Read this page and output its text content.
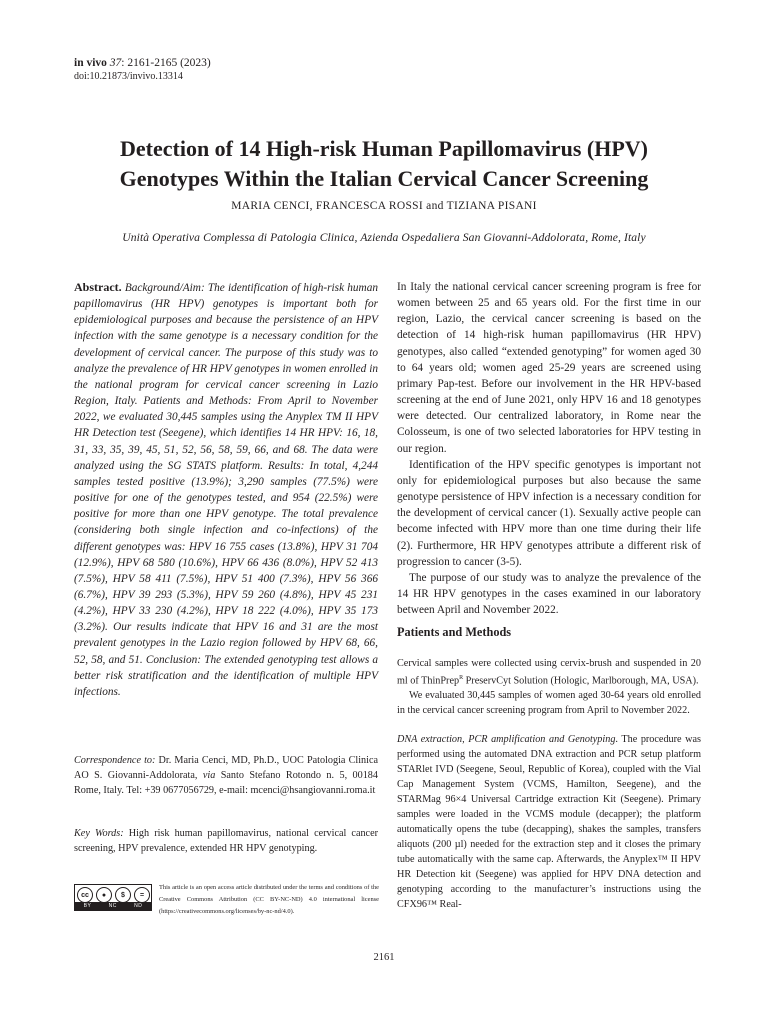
in vivo 37: 2161-2165 (2023)
doi:10.21873/invivo.13314
Detection of 14 High-risk Human Papillomavirus (HPV)
Genotypes Within the Italian Cervical Cancer Screening
MARIA CENCI, FRANCESCA ROSSI and TIZIANA PISANI
Unità Operativa Complessa di Patologia Clinica, Azienda Ospedaliera San Giovanni-Addolorata, Rome, Italy

Abstract. Background/Aim: The identification of high-risk human papillomavirus (HR HPV) genotypes is important both for epidemiological purposes and because the persistence of an HPV infection with the same genotype is a necessary condition for the development of cervical cancer. The purpose of this study was to analyze the prevalence of HR HPV genotypes in women enrolled in the national program for cervical cancer screening in Lazio Region, Italy. Patients and Methods: From April to November 2022, we evaluated 30,445 samples using the Anyplex TM II HPV HR Detection test (Seegene), which identifies 14 HR HPV: 16, 18, 31, 33, 35, 39, 45, 51, 52, 56, 58, 59, 66, and 68. The data were analyzed using the SG STATS platform. Results: In total, 4,244 samples tested positive (13.9%); 3,290 samples (77.5%) were positive for one of the genotypes tested, and 954 (22.5%) were positive for more than one HPV genotype. The total prevalence (considering both single infection and co-infections) of the different genotypes was: HPV 16 755 cases (13.8%), HPV 31 704 (12.9%), HPV 68 580 (10.6%), HPV 66 436 (8.0%), HPV 52 413 (7.5%), HPV 58 411 (7.5%), HPV 51 400 (7.3%), HPV 56 366 (6.7%), HPV 39 293 (5.3%), HPV 59 260 (4.8%), HPV 45 231 (4.2%), HPV 33 230 (4.2%), HPV 18 222 (4.0%), HPV 35 173 (3.2%). Our results indicate that HPV 16 and 31 are the most prevalent genotypes in the Lazio region followed by HPV 68, 66, 52, 58, and 51. Conclusion: The extended genotyping test allows a better risk stratification and the identification of multiple HPV infections.

Correspondence to: Dr. Maria Cenci, MD, Ph.D., UOC Patologia Clinica AO S. Giovanni-Addolorata, via Santo Stefano Rotondo n. 5, 00184 Rome, Italy. Tel: +39 0677056729, e-mail: mcenci@hsangiovanni.roma.it

Key Words: High risk human papillomavirus, national cervical cancer screening, HPV prevalence, extended HR HPV genotyping.

cc	●	$	=
BY	NC	ND

This article is an open access article distributed under the terms and conditions of the Creative Commons Attribution (CC BY-NC-ND) 4.0 international license (https://creativecommons.org/licenses/by-nc-nd/4.0).

In Italy the national cervical cancer screening program is free for women between 25 and 65 years old. For the first time in our region, Lazio, the cervical cancer screening is based on the detection of 14 high-risk human papillomavirus (HR HPV) genotypes, also called “extended genotyping” for women aged 30 to 64 years old; women aged 25-29 years are screened using primary Pap-test. Before our involvement in the HR HPV-based screening at the end of June 2021, only HPV 16 and 18 genotypes were detected. Our centralized laboratory, in Rome near the Colosseum, is one of two selected laboratories for HPV testing in our region.

Identification of the HPV specific genotypes is important not only for epidemiological purposes but also because the same genotype persistence of HPV infection is a necessary condition for the development of cervical cancer (1). Sexually active people can become infected with HPV more than one time during their life (2). Furthermore, HR HPV genotypes attribute a different risk of progression to cancer (3-5).

The purpose of our study was to analyze the prevalence of the 14 HR HPV genotypes in the cases examined in our laboratory between April and November 2022.

Patients and Methods

Cervical samples were collected using cervix-brush and suspended in 20 ml of ThinPrep$^R$ PreservCyt Solution (Hologic, Marlborough, MA, USA).

We evaluated 30,445 samples of women aged 30-64 years old enrolled in the cervical cancer screening program from April to November 2022.

DNA extraction, PCR amplification and Genotyping. The procedure was performed using the automated DNA extraction and PCR setup platform STARlet IVD (Seegene, Seoul, Republic of Korea), coupled with the Vial Cap Management System (VCMS, Hamilton, Seegene), and the STARMag 96×4 Universal Cartridge extraction Kit (Seegene). Primary samples were loaded in the VCMS module (decapper); the platform automatically opens the tube (decapping), shakes the samples, transfers aliquots (200 µl) needed for the extraction step and it closes the primary tube automatically with the same cap. Afterwards, the Anyplex™ II HPV HR Detection kit (Seegene) was applied for HPV DNA detection and genotyping according to the manufacturer’s instructions using the CFX96™ Real-

2161
